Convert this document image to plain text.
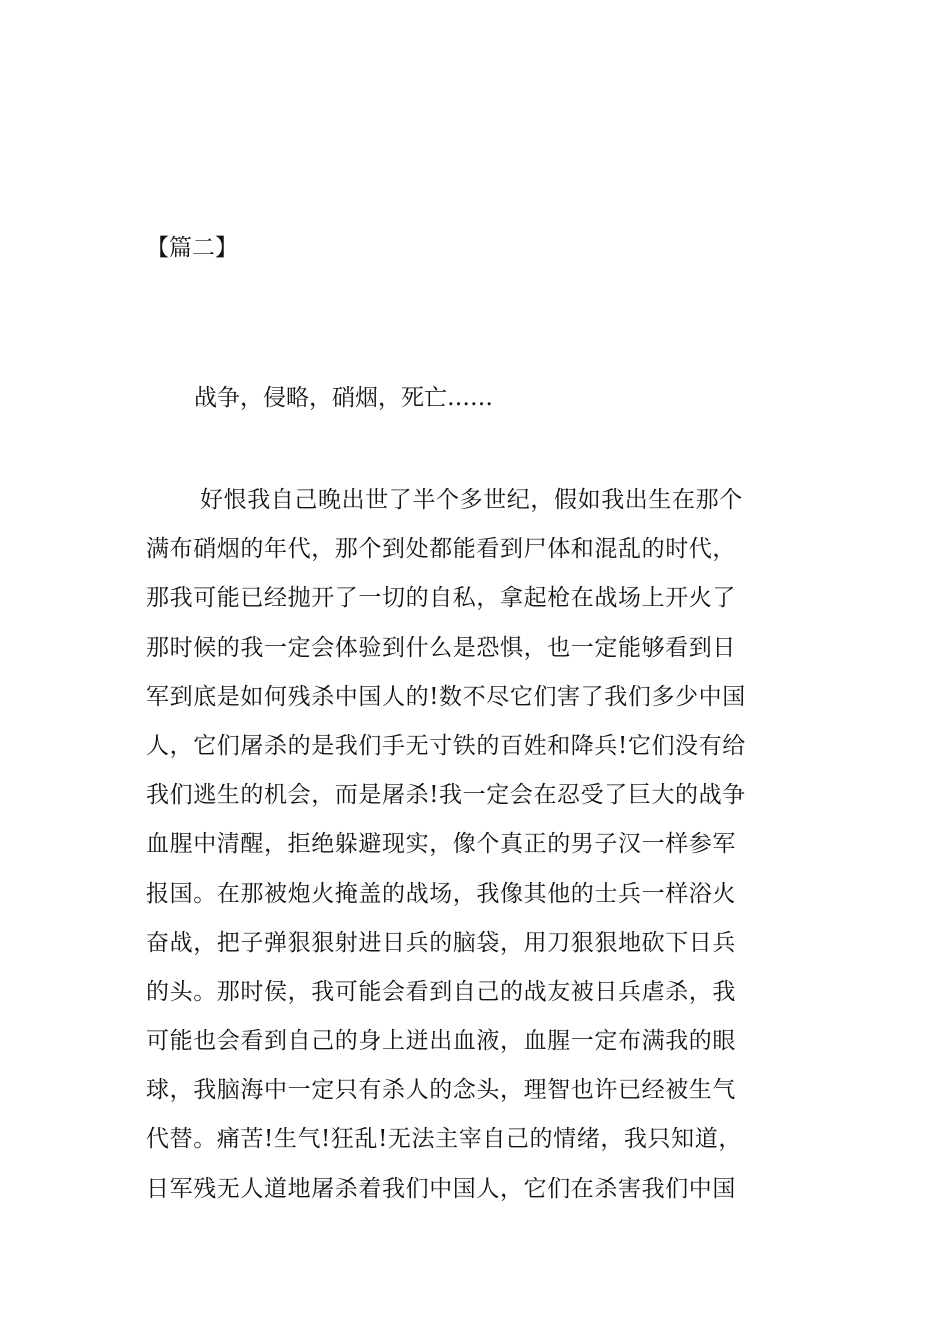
【篇二】
战争，侵略，硝烟，死亡……
好恨我自己晚出世了半个多世纪，假如我出生在那个
满布硝烟的年代，那个到处都能看到尸体和混乱的时代，
那我可能已经抛开了一切的自私，拿起枪在战场上开火了
那时候的我一定会体验到什么是恐惧，也一定能够看到日
军到底是如何残杀中国人的!数不尽它们害了我们多少中国
人，它们屠杀的是我们手无寸铁的百姓和降兵!它们没有给
我们逃生的机会，而是屠杀!我一定会在忍受了巨大的战争
血腥中清醒，拒绝躲避现实，像个真正的男子汉一样参军
报国。在那被炮火掩盖的战场，我像其他的士兵一样浴火
奋战，把子弹狠狠射进日兵的脑袋，用刀狠狠地砍下日兵
的头。那时侯，我可能会看到自己的战友被日兵虐杀，我
可能也会看到自己的身上迸出血液，血腥一定布满我的眼
球，我脑海中一定只有杀人的念头，理智也许已经被生气
代替。痛苦!生气!狂乱!无法主宰自己的情绪，我只知道，
日军残无人道地屠杀着我们中国人，它们在杀害我们中国
